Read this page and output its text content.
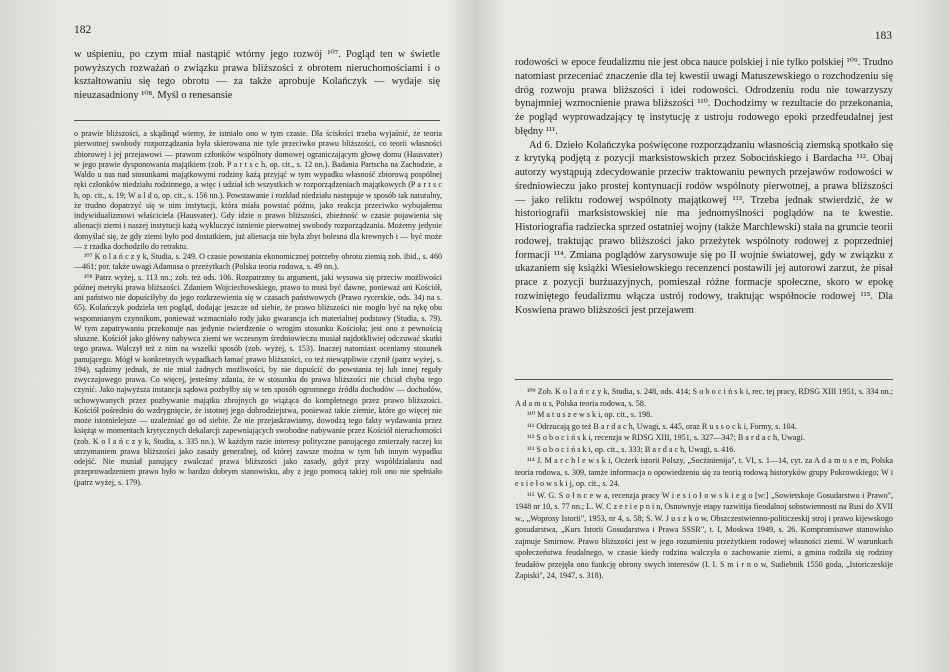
182
w uśpieniu, po czym miał nastąpić wtórny jego rozwój ¹⁰⁷. Pogląd ten w świetle powyższych rozważań o związku prawa bliższości z obrotem nieruchomościami i o kształtowaniu się tego obrotu — za także aprobuje Kolańczyk — wydaje się nieuzasadniony ¹⁰⁸. Myśl o renesansie

o prawie bliższości, a skądinąd wiemy, że istniało ono w tym czasie. Dla ścisłości trzeba wyjaśnić, że teoria pierwotnej swobody rozporządzania była skierowana nie tyle przeciwko prawu bliższości, co teorii własności zbiorowej i jej przejawowi — prawom członków wspólnoty domowej ograniczającym głowę domu (Hausvater) w jego prawie dysponowania majątkiem (zob. P a r t s c h, op. cit., s. 12 nn.). Badania Partscha na Zachodzie, a Waldo u nas nad stosunkami majątkowymi rodziny każą przyjąć w tym wypadku własność zbiorową pospólnej ręki członków niedziału rodzinnego, a więc i udział ich wszystkich w rozporządzeniach majątkowych (P a r t s c h, op. cit., s. 19; W a l d o, op. cit., s. 156 nn.). Powstawanie i rozkład niedziału następuje w sposób tak naturalny, że trudno dopatrzyć się w nim instytucji, która miała powstać późno, jako reakcja przeciwko wybujałemu indywidualizmowi właściciela (Hausvater). Gdy idzie o prawo bliższości, zbieżność w czasie pojawienia się alienacji ziemi i naszej instytucji każą wykluczyć istnienie pierwotnej swobody rozporządzania. Możemy jedynie domyślać się, że gdy ziemi było pod dostatkiem, już alienacja nie była zbyt bolesna dla krewnych i — być może — z rzadka dochodziło do retraktu.

¹⁰⁷ K o l a ń c z y k, Studia, s. 249. O czasie powstania ekonomicznej potrzeby obrotu ziemią zob. ibid., s. 460—461; por. także uwagi Adamusa o przeżytkach (Polska teoria rodowa, s. 49 nn.).

¹⁰⁸ Patrz wyżej, s. 113 nn.; zob. też ods. 106. Rozpatrzmy tu argument, jaki wysuwa się przeciw możliwości późnej metryki prawa bliższości. Zdaniem Wojciechowskiego, prawo to musi być dawne, ponieważ ani Kościół, ani państwo nie dopuściłyby do jego rozkrzewienia się w czasach państwowych (Prawo rycerskie, ods. 34) na s. 65). Kolańczyk podziela ten pogląd, dodając jeszcze od siebie, że prawo bliższości nie mogło być na rękę obu wspomnianym czynnikom, ponieważ wzmacniało rody jako gwarancja ich materialnej podstawy (Studia, s. 79). W tym zapatrywaniu przekonuje nas jedynie twierdzenie o wrogim stosunku Kościoła; jest ono z pewnością słuszne. Kościół jako główny nabywca ziemi we wczesnym średniowieczu musiał najdotkliwiej odczuwać skutki tego prawa. Walczył też z nim na wszelki sposób (zob. wyżej, s. 153). Inaczej natomiast oceniamy stosunek panującego. Mógł w konkretnych wypadkach łamać prawo bliższości, co też niewątpliwie czynił (patrz wyżej, s. 194), sądzimy jednak, że nie miał żadnych możliwości, by nie dopuścić do powstania tej lub innej reguły zwyczajowego prawa. Co więcej, jesteśmy zdania, że w stosunku do prawa bliższości nie chciał chyba tego czynić. Jako najwyższa instancja sądowa pozbyłby się w ten sposób ogromnego źródła dochodów — dochodów, uchowywanych przez pozbywanie majątku zbrojnych go wiążąca do kompletnego przez prawo bliższości. Kościół pośrednio do wzdrygnięcie, że istotnej jego dobrodziejstwa, ponieważ takie ziemie, które go więcej nie może istotnielejsze — uzależniać go od siebie. Że nie przejaskrawiamy, dowodzą tego fakty wydawania przez księżąt w momentach krytycznych dekalarcji zapewniających swobodne nabywanie przez Kościół nieruchomości (zob. K o l a ń c z y k, Studia, s. 335 nn.). W każdym razie interesy polityczne panującego zmierzały raczej ku utrzymaniem prawa bliższości jako zasady generalnej, od której zawsze można w tym lub innym wypadku odejść. Nie musiał panujący zwalczać prawa bliższości jako zasady, gdyż przy współdziałaniu nad przeprowadzeniem prawo było w bardzo dobrym stanowisku, aby z jego pomocą takiej roli ono nie spełniało (patrz wyżej, s. 179).

183

rodowości w epoce feudalizmu nie jest obca nauce polskiej i nie tylko polskiej ¹⁰⁹. Trudno natomiast przeceniać znaczenie dla tej kwestii uwagi Matuszewskiego o rozchodzeniu się dróg rozwoju prawa bliższości i idei rodowości. Odrodzeniu rodu nie towarzyszy bynajmniej wzmocnienie prawa bliższości ¹¹⁰. Dochodzimy w rezultacie do przekonania, że pogląd wyprowadzający tę instytucję z ustroju rodowego epoki przedfeudalnej jest błędny ¹¹¹.

Ad 6. Dzieło Kolańczyka poświęcone rozporządzaniu własnością ziemską spotkało się z krytyką podjętą z pozycji marksistowskich przez Sobocińskiego i Bardacha ¹¹². Obaj autorzy wystąpują zdecydowanie przeciw traktowaniu pewnych przejawów rodowości w średniowieczu jako prostej kontynuacji rodów wspólnoty pierwotnej, a prawa bliższości — jako reliktu rodowej wspólnoty majątkowej ¹¹³. Trzeba jednak stwierdzić, że w historiografii marksistowskiej nie ma jednomyślności poglądów na te kwestie. Historiografia radziecka sprzed ostatniej wojny (także Marchlewski) stała na gruncie teorii rodowej, traktując prawo bliższości jako przeżytek wspólnoty rodowej z poprzedniej formacji ¹¹⁴. Zmiana poglądów zarysowuje się po II wojnie światowej, gdy w związku z ukazaniem się książki Wiesiełowskiego recenzenci postawili jej autorowi zarzut, że pisał prace z pozycji burżuazyjnych, pomieszał różne formacje społeczne, skoro w epokę rozwiniętego feudalizmu włącza ustrój rodowy, traktując współnocie rodowej ¹¹⁵. Dla Koswiena prawo bliższości jest przejawem

¹⁰⁹ Zob. K o l a ń c z y k, Studia, s. 248, ods. 414; S o b o c i ń s k i, rec. tej pracy, RDSG XIII 1951, s. 334 nn.; A d a m u s, Polska teoria rodowa, s. 58.

¹¹⁰ M a t u s z e w s k i, op. cit., s. 198.

¹¹¹ Odrzucają go też B a r d a c h, Uwagi, s. 445, oraz R u s s o c k i, Formy, s. 104.

¹¹² S o b o c i ń s k i, recenzja w RDSG XIII, 1951, s. 327—347; B a r d a c h, Uwagi.

¹¹³ S o b o c i ń s k i, op. cit., s. 333; B a r d a c h, Uwagi, s. 416.

¹¹⁴ J. M a r c h l e w s k i, Ocżerk istorii Polszy, „Socżinienija", t. VI, s. 1—14, cyt. za A d a m u s e m, Polska teoria rodowa, s. 309, tamże informacja o opowiedzeniu się za teorią rodową historyków grupy Pokrowskiego; W i e s i e ł o w s k i j, op. cit., s. 24.

¹¹⁵ W. G. S o ł n c e w a, recenzja pracy W i e s i o ł o w s k i e g o [w:] „Sowietskoje Gosudarstwo i Prawo", 1948 nr 10, s. 77 nn.; L. W. C z e r i e p n i n, Osnownyje etapy razwitija fieodalnoj sobstwiennosti na Rusi do XVII w., „Woprosy Istorii", 1953, nr 4, s. 58; S. W. J u s z k o w, Obszczestwienno-politiczeskij stroj i prawo kijewskogo gosudarstwa, „Kurs Istorii Gosudarstwa i Prawa SSSR", t. I, Moskwa 1949, s. 26. Kompromisowe stanowisko zajmuje Smirnow. Prawo bliższości jest w jego rozumieniu przeżytkiem rodowej własności ziemi. W warunkach społeczeństwa feudalnego, w czasie kiedy rodzina walczyła o zachowanie ziemi, a gmina rodziła się rodziny feudałów przejęła ono funkcję obrony swych interesów (I. I. S m i r n o w, Sudiebnik 1550 goda, „Istoriczeskije Zapiski", 24, 1947, s. 318).
